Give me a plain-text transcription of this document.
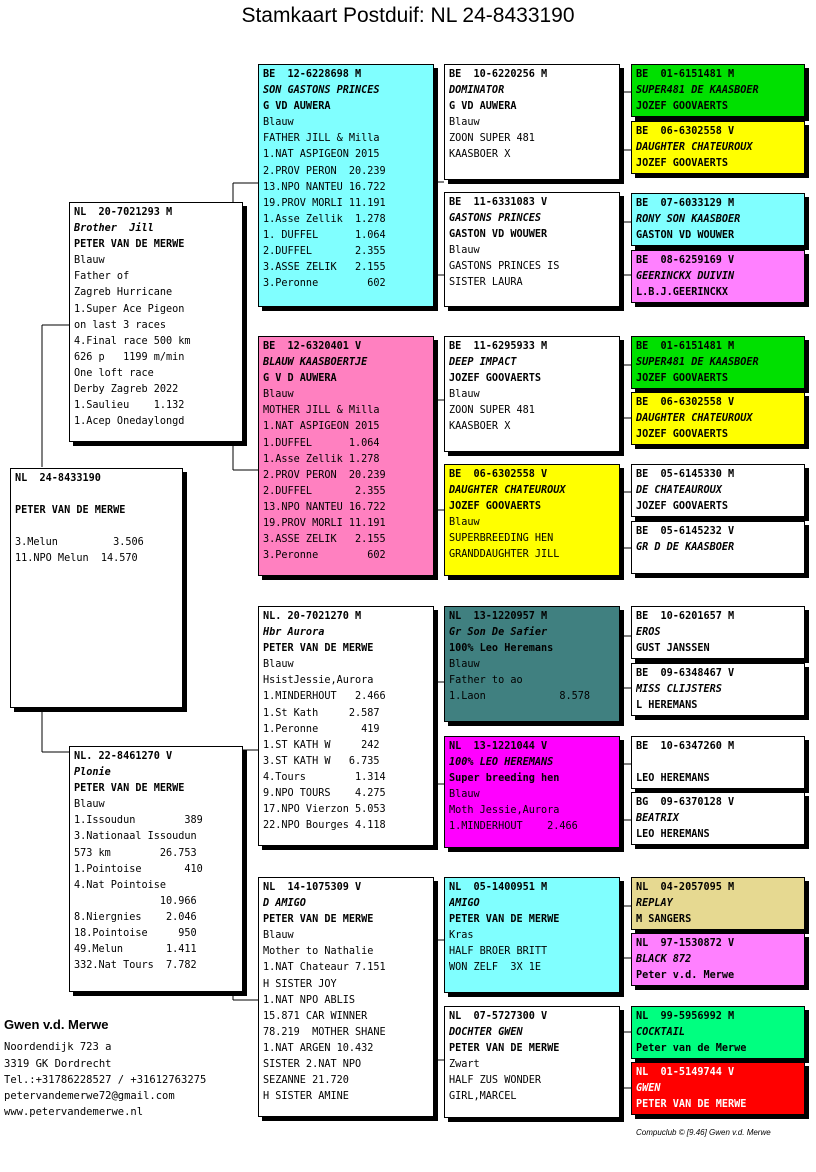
Stamkaart Postduif: NL 24-8433190
NL  24-8433190
PETER VAN DE MERWE
3.Melun         3.506
11.NPO Melun  14.570
NL  20-7021293 M
Brother  Jill
PETER VAN DE MERWE
Blauw
Father of
Zagreb Hurricane
1.Super Ace Pigeon
on last 3 races
4.Final race 500 km
626 p   1199 m/min
One loft race
Derby Zagreb 2022
1.Saulieu    1.132
1.Acep Onedaylongd
NL. 22-8461270 V
Plonie
PETER VAN DE MERWE
Blauw
1.Issoudun        389
3.Nationaal Issoudun
573 km        26.753
1.Pointoise       410
4.Nat Pointoise
10.966
8.Niergnies    2.046
18.Pointoise     950
49.Melun       1.411
332.Nat Tours  7.782
BE  12-6228698 M
SON GASTONS PRINCES
G VD AUWERA
Blauw
FATHER JILL & Milla
1.NAT ASPIGEON 2015
2.PROV PERON  20.239
13.NPO NANTEU 16.722
19.PROV MORLI 11.191
1.Asse Zellik  1.278
1. DUFFEL      1.064
2.DUFFEL       2.355
3.ASSE ZELIK   2.155
3.Peronne        602
BE  12-6320401 V
BLAUW KAASBOERTJE
G V D AUWERA
Blauw
MOTHER JILL & Milla
1.NAT ASPIGEON 2015
1.DUFFEL      1.064
1.Asse Zellik 1.278
2.PROV PERON  20.239
2.DUFFEL       2.355
13.NPO NANTEU 16.722
19.PROV MORLI 11.191
3.ASSE ZELIK   2.155
3.Peronne        602
NL. 20-7021270 M
Hbr Aurora
PETER VAN DE MERWE
Blauw
HsistJessie,Aurora
1.MINDERHOUT   2.466
1.St Kath     2.587
1.Peronne       419
1.ST KATH W     242
3.ST KATH W   6.735
4.Tours        1.314
9.NPO TOURS    4.275
17.NPO Vierzon 5.053
22.NPO Bourges 4.118
NL  14-1075309 V
D AMIGO
PETER VAN DE MERWE
Blauw
Mother to Nathalie
1.NAT Chateaur 7.151
H SISTER JOY
1.NAT NPO ABLIS
15.871 CAR WINNER
78.219  MOTHER SHANE
1.NAT ARGEN 10.432
SISTER 2.NAT NPO
SEZANNE 21.720
H SISTER AMINE
BE  10-6220256 M
DOMINATOR
G VD AUWERA
Blauw
ZOON SUPER 481
KAASBOER X
BE  11-6331083 V
GASTONS PRINCES
GASTON VD WOUWER
Blauw
GASTONS PRINCES IS
SISTER LAURA
BE  11-6295933 M
DEEP IMPACT
JOZEF GOOVAERTS
Blauw
ZOON SUPER 481
KAASBOER X
BE  06-6302558 V
DAUGHTER CHATEUROUX
JOZEF GOOVAERTS
Blauw
SUPERBREEDING HEN
GRANDDAUGHTER JILL
NL  13-1220957 M
Gr Son De Safier
100% Leo Heremans
Blauw
Father to ao
1.Laon            8.578
NL  13-1221044 V
100% LEO HEREMANS
Super breeding hen
Blauw
Moth Jessie,Aurora
1.MINDERHOUT    2.466
NL  05-1400951 M
AMIGO
PETER VAN DE MERWE
Kras
HALF BROER BRITT
WON ZELF  3X 1E
NL  07-5727300 V
DOCHTER GWEN
PETER VAN DE MERWE
Zwart
HALF ZUS WONDER
GIRL,MARCEL
BE  01-6151481 M
SUPER481 DE KAASBOER
JOZEF GOOVAERTS
BE  06-6302558 V
DAUGHTER CHATEUROUX
JOZEF GOOVAERTS
BE  07-6033129 M
RONY SON KAASBOER
GASTON VD WOUWER
BE  08-6259169 V
GEERINCKX DUIVIN
L.B.J.GEERINCKX
BE  01-6151481 M
SUPER481 DE KAASBOER
JOZEF GOOVAERTS
BE  06-6302558 V
DAUGHTER CHATEUROUX
JOZEF GOOVAERTS
BE  05-6145330 M
DE CHATEAUROUX
JOZEF GOOVAERTS
BE  05-6145232 V
GR D DE KAASBOER
BE  10-6201657 M
EROS
GUST JANSSEN
BE  09-6348467 V
MISS CLIJSTERS
L HEREMANS
BE  10-6347260 M
LEO HEREMANS
BG  09-6370128 V
BEATRIX
LEO HEREMANS
NL  04-2057095 M
REPLAY
M SANGERS
NL  97-1530872 V
BLACK 872
Peter v.d. Merwe
NL  99-5956992 M
COCKTAIL
Peter van de Merwe
NL  01-5149744 V
GWEN
PETER VAN DE MERWE
Gwen v.d. Merwe
Noordendijk 723 a
3319 GK Dordrecht
Tel.:+31786228527 / +31612763275
petervandemerwe72@gmail.com
www.petervandemerwe.nl
Compuclub © [9.46] Gwen v.d. Merwe
